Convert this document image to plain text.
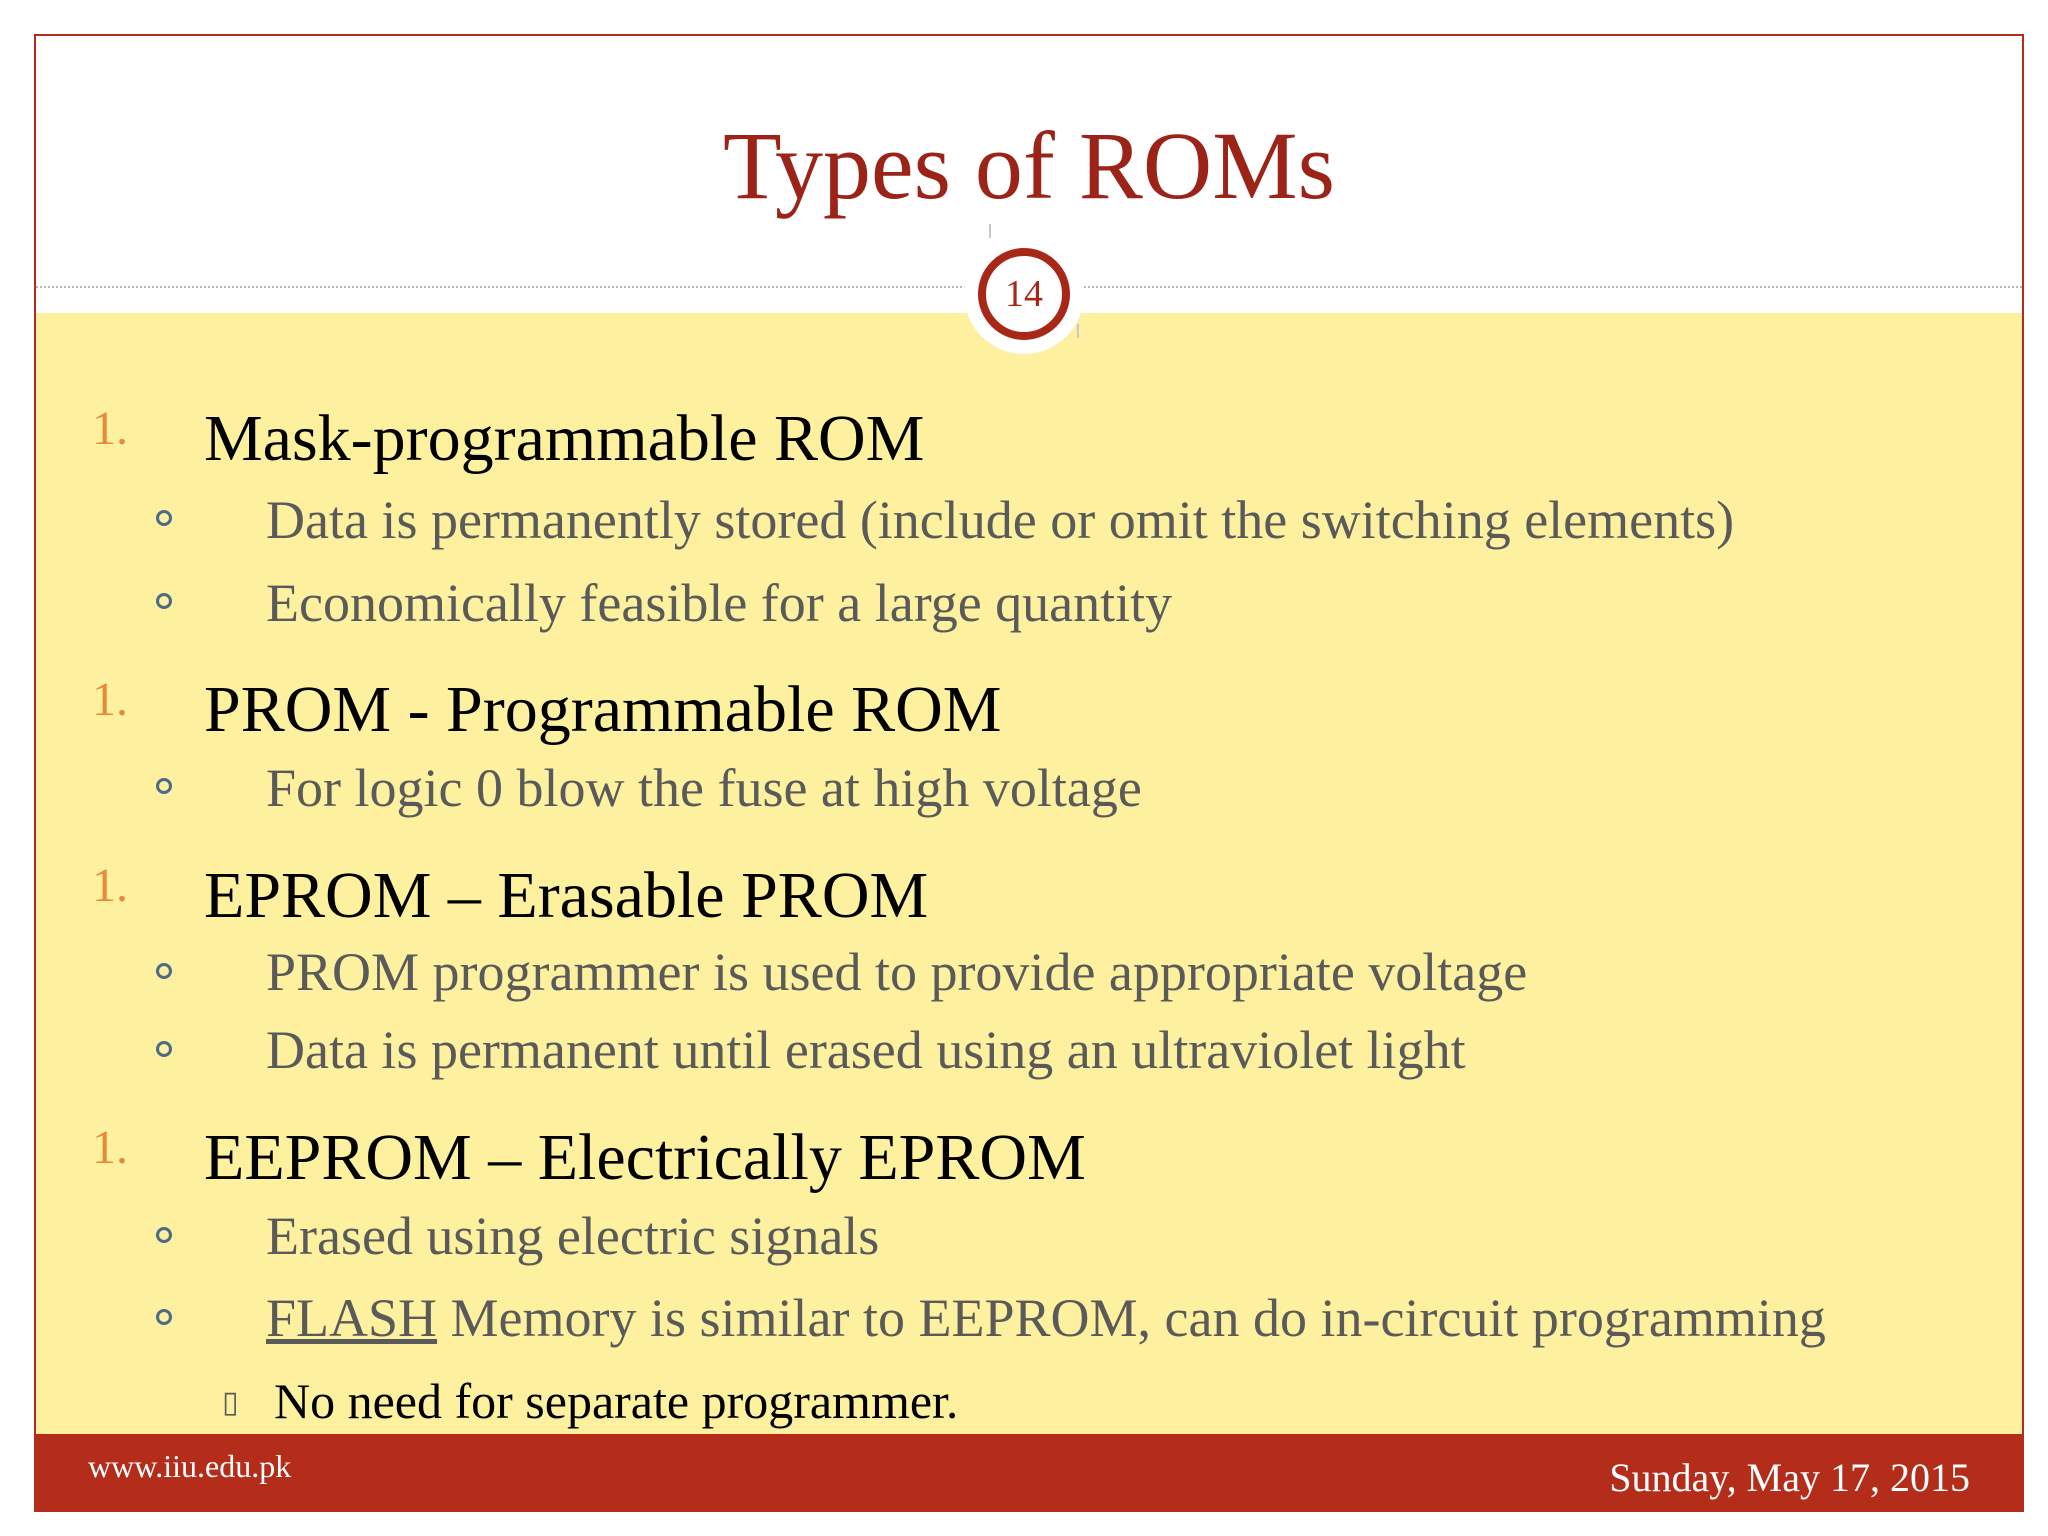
Types of ROMs
1. Mask-programmable ROM
Data is permanently stored (include or omit the switching elements)
Economically feasible for a large quantity
1. PROM - Programmable ROM
For logic 0 blow the fuse at high voltage
1. EPROM – Erasable PROM
PROM programmer is used to provide appropriate voltage
Data is permanent until erased using an ultraviolet light
1. EEPROM – Electrically EPROM
Erased using electric signals
FLASH Memory is similar to EEPROM, can do in-circuit programming
▯ No need for separate programmer.
14
www.iiu.edu.pk	Sunday, May 17, 2015
